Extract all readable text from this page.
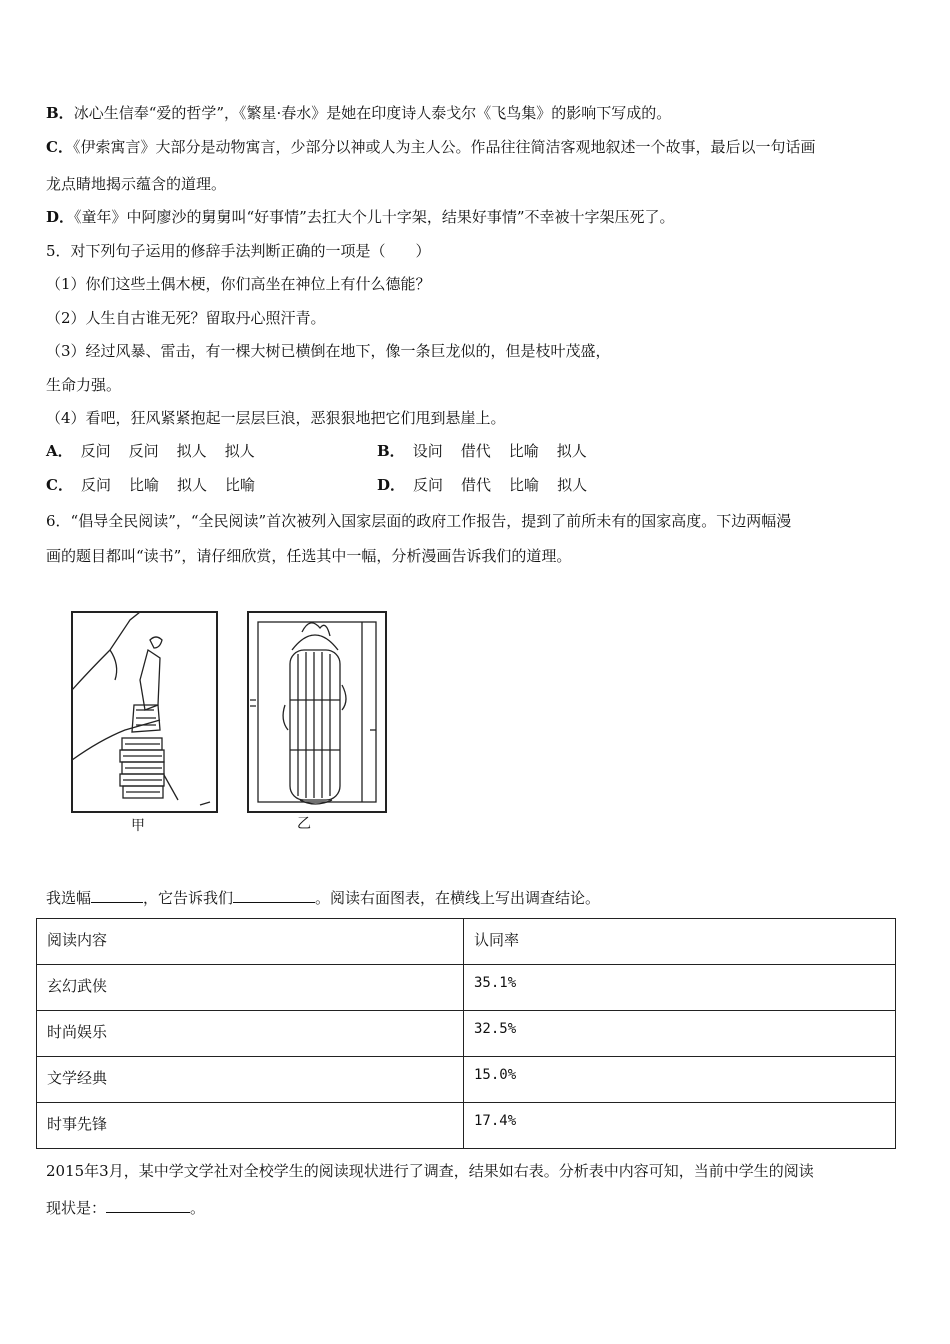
B．冰心生信奉“爱的哲学”，《繁星·春水》是她在印度诗人泰戈尔《飞鸟集》的影响下写成的。
C．《伊索寓言》大部分是动物寓言，少部分以神或人为主人公。作品往往简洁客观地叙述一个故事，最后以一句话画
龙点睛地揭示蕴含的道理。
D．《童年》中阿廖沙的舅舅叫“好事情”去扛大个儿十字架，结果好事情”不幸被十字架压死了。
5．对下列句子运用的修辞手法判断正确的一项是（　　）
（1）你们这些土偶木梗，你们高坐在神位上有什么德能？
（2）人生自古谁无死？留取丹心照汗青。
（3）经过风暴、雷击，有一棵大树已横倒在地下，像一条巨龙似的，但是枝叶茂盛，
生命力强。
（4）看吧，狂风紧紧抱起一层层巨浪，恶狠狠地把它们甩到悬崖上。
A． 反问 反问 拟人 拟人	B． 设问 借代 比喻 拟人
C． 反问 比喻 拟人 比喻	D． 反问 借代 比喻 拟人
6．“倡导全民阅读”，“全民阅读”首次被列入国家层面的政府工作报告，提到了前所未有的国家高度。下边两幅漫
画的题目都叫“读书”，请仔细欣赏，任选其中一幅，分析漫画告诉我们的道理。
甲	乙
我选幅	，它告诉我们	。阅读右面图表，在横线上写出调查结论。
阅读内容	认同率
玄幻武侠	35.1%
时尚娱乐	32.5%
文学经典	15.0%
时事先锋	17.4%
2015年3月，某中学文学社对全校学生的阅读现状进行了调查，结果如右表。分析表中内容可知，当前中学生的阅读
现状是：	。
